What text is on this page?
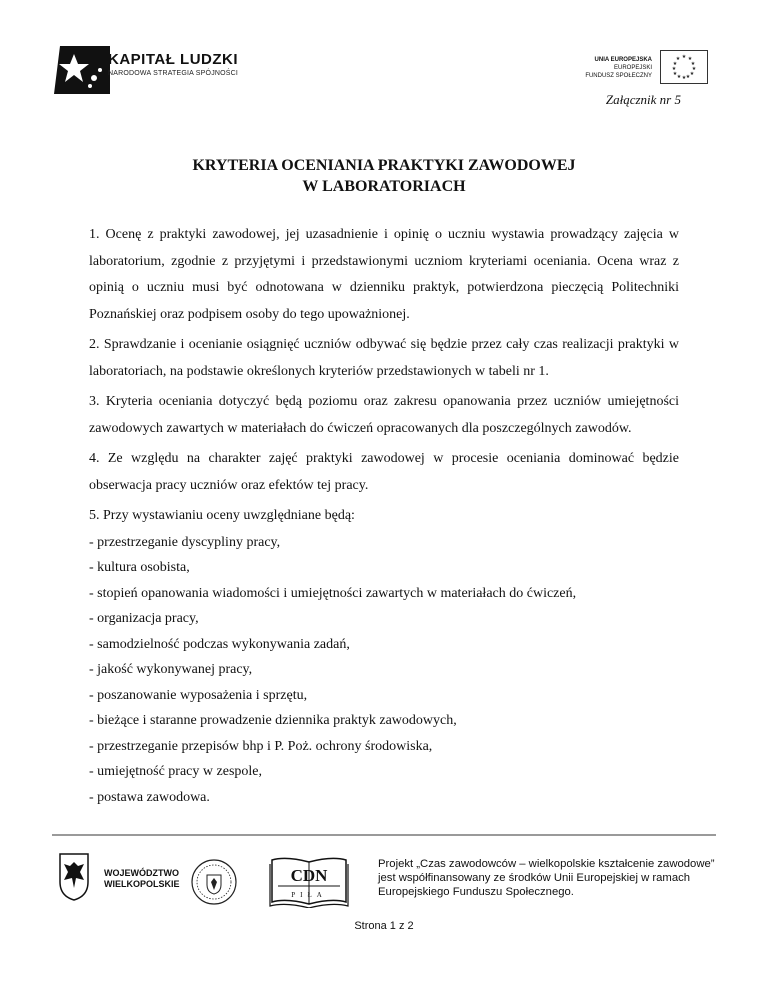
KAPITAŁ LUDZKI
NARODOWA STRATEGIA SPÓJNOŚCI
UNIA EUROPEJSKA
EUROPEJSKI
FUNDUSZ SPOŁECZNY
★ ★
★
★
★
★
★
★
★
★
★
★
Załącznik nr 5
KRYTERIA OCENIANIA PRAKTYKI ZAWODOWEJ
W LABORATORIACH

1. Ocenę z praktyki zawodowej, jej uzasadnienie i opinię o uczniu wystawia prowadzący zajęcia w laboratorium, zgodnie z przyjętymi i przedstawionymi uczniom kryteriami oceniania. Ocena wraz z opinią o uczniu musi być odnotowana w dzienniku praktyk, potwierdzona pieczęcią Politechniki Poznańskiej oraz podpisem osoby do tego upoważnionej.

2. Sprawdzanie i ocenianie osiągnięć uczniów odbywać się będzie przez cały czas realizacji praktyki w laboratoriach, na podstawie określonych kryteriów przedstawionych w tabeli nr 1.

3. Kryteria oceniania dotyczyć będą poziomu oraz zakresu opanowania przez uczniów umiejętności zawodowych zawartych w materiałach do ćwiczeń opracowanych dla poszczególnych zawodów.

4. Ze względu na charakter zajęć praktyki zawodowej w procesie oceniania dominować będzie obserwacja pracy uczniów oraz efektów tej pracy.

5. Przy wystawianiu oceny uwzględniane będą:

- przestrzeganie dyscypliny pracy,
- kultura osobista,
- stopień opanowania wiadomości i umiejętności zawartych w materiałach do ćwiczeń,
- organizacja pracy,
- samodzielność podczas wykonywania zadań,
- jakość wykonywanej pracy,
- poszanowanie wyposażenia i sprzętu,
- bieżące i staranne prowadzenie dziennika praktyk zawodowych,
- przestrzeganie przepisów bhp i P. Poż. ochrony środowiska,
- umiejętność pracy w zespole,
- postawa zawodowa.
WOJEWÓDZTWO
WIELKOPOLSKIE	CDN
PIŁA
Projekt „Czas zawodowców – wielkopolskie kształcenie zawodowe” jest współfinansowany ze środków Unii Europejskiej w ramach Europejskiego Funduszu Społecznego.
Strona 1 z 2
